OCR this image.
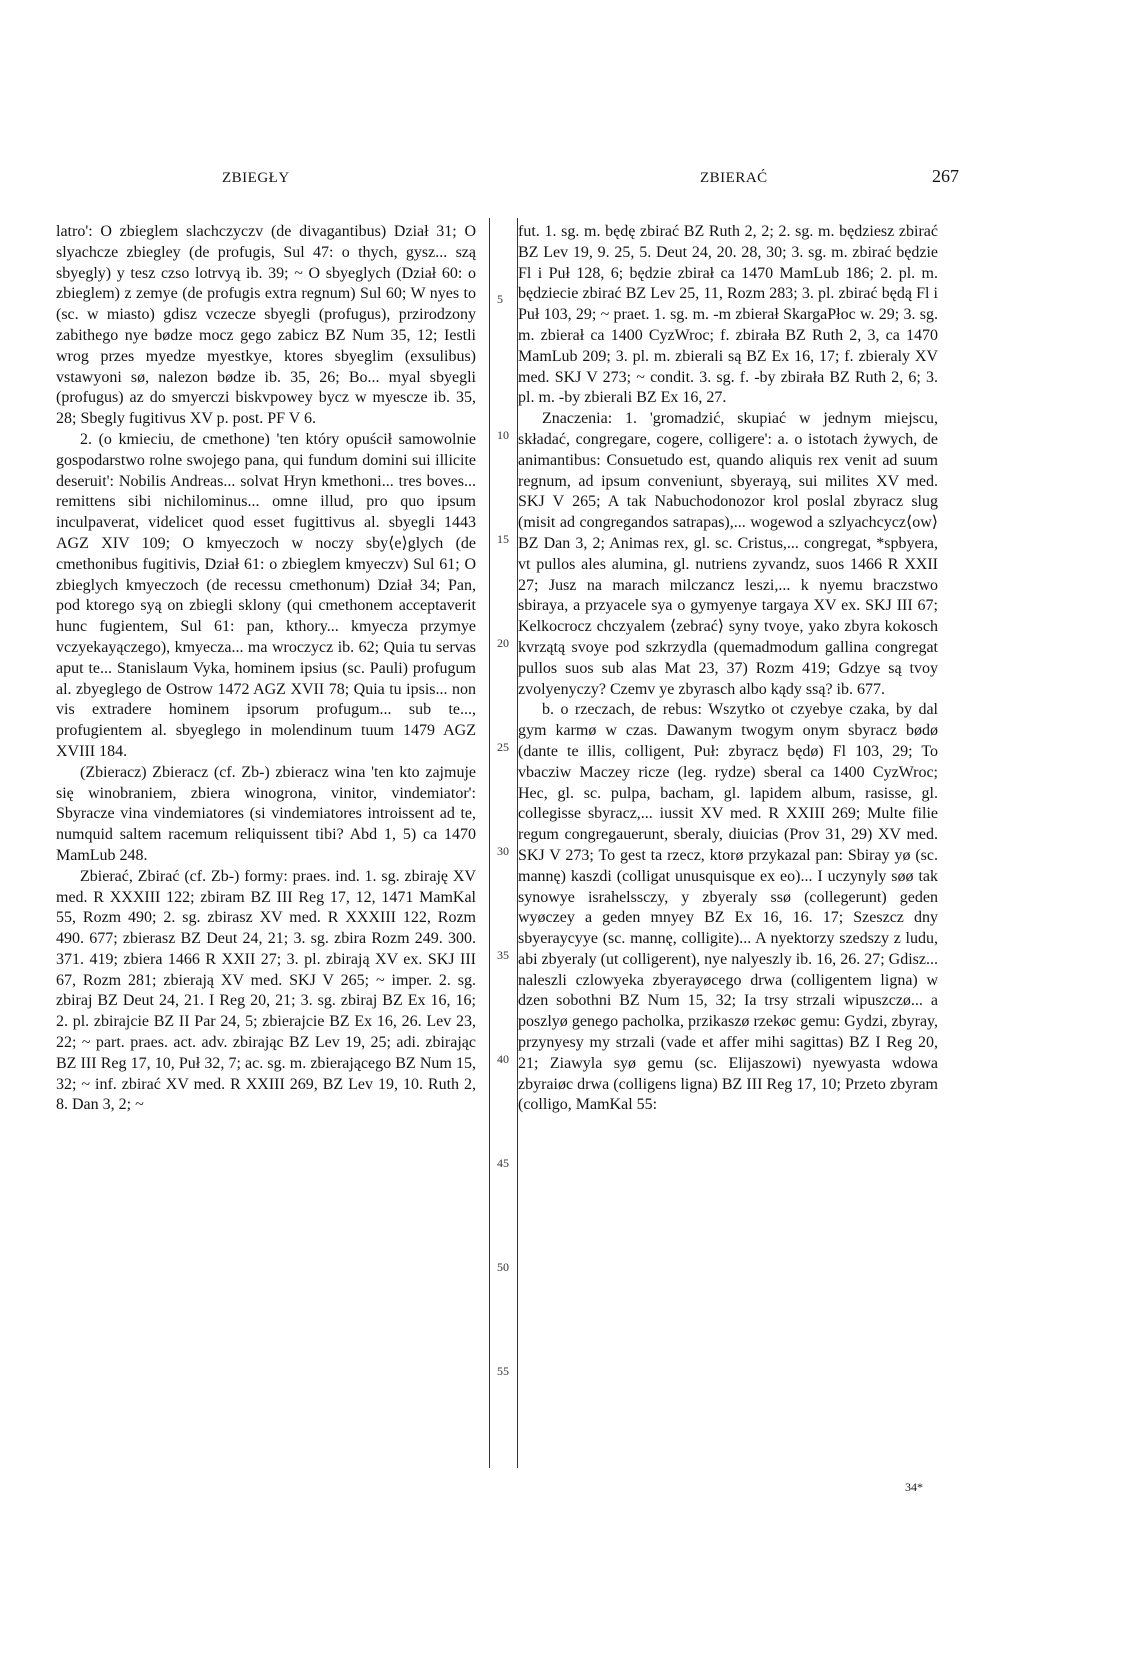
ZBIEGŁY	ZBIERAĆ	267

latro': O zbieglem slachczyczv (de divagantibus) Dział 31; O slyachcze zbiegley (de profugis, Sul 47: o thych, gysz... szą sbyegly) y tesz czso lotrvyą ib. 39; ~ O sbyeglych (Dział 60: o zbieglem) z zemye (de profugis extra regnum) Sul 60; W nyes to (sc. w miasto) gdisz vczecze sbyegli (profugus), przirodzony zabithego nye bødze mocz gego zabicz BZ Num 35, 12; Iestli wrog przes myedze myestkye, ktores sbyeglim (exsulibus) vstawyoni sø, nalezon bødze ib. 35, 26; Bo... myal sbyegli (profugus) az do smyerczi biskvpowey bycz w myescze ib. 35, 28; Sbegly fugitivus XV p. post. PF V 6.

2. (o kmieciu, de cmethone) 'ten który opuścił samowolnie gospodarstwo rolne swojego pana, qui fundum domini sui illicite deseruit': Nobilis Andreas... solvat Hryn kmethoni... tres boves... remittens sibi nichilominus... omne illud, pro quo ipsum inculpaverat, videlicet quod esset fugittivus al. sbyegli 1443 AGZ XIV 109; O kmyeczoch w noczy sby⟨e⟩glych (de cmethonibus fugitivis, Dział 61: o zbieglem kmyeczv) Sul 61; O zbieglych kmyeczoch (de recessu cmethonum) Dział 34; Pan, pod ktorego syą on zbiegli sklony (qui cmethonem acceptaverit hunc fugientem, Sul 61: pan, kthory... kmyecza przymye vczyekayączego), kmyecza... ma wroczycz ib. 62; Quia tu servas aput te... Stanislaum Vyka, hominem ipsius (sc. Pauli) profugum al. zbyeglego de Ostrow 1472 AGZ XVII 78; Quia tu ipsis... non vis extradere hominem ipsorum profugum... sub te..., profugientem al. sbyeglego in molendinum tuum 1479 AGZ XVIII 184.

(Zbieracz) Zbieracz (cf. Zb-) zbieracz wina 'ten kto zajmuje się winobraniem, zbiera winogrona, vinitor, vindemiator': Sbyracze vina vindemiatores (si vindemiatores introissent ad te, numquid saltem racemum reliquissent tibi? Abd 1, 5) ca 1470 MamLub 248.

Zbierać, Zbirać (cf. Zb-) formy: praes. ind. 1. sg. zbiraję XV med. R XXXIII 122; zbiram BZ III Reg 17, 12, 1471 MamKal 55, Rozm 490; 2. sg. zbirasz XV med. R XXXIII 122, Rozm 490. 677; zbierasz BZ Deut 24, 21; 3. sg. zbira Rozm 249. 300. 371. 419; zbiera 1466 R XXII 27; 3. pl. zbirają XV ex. SKJ III 67, Rozm 281; zbierają XV med. SKJ V 265; ~ imper. 2. sg. zbiraj BZ Deut 24, 21. I Reg 20, 21; 3. sg. zbiraj BZ Ex 16, 16; 2. pl. zbirajcie BZ II Par 24, 5; zbierajcie BZ Ex 16, 26. Lev 23, 22; ~ part. praes. act. adv. zbirając BZ Lev 19, 25; adi. zbirając BZ III Reg 17, 10, Puł 32, 7; ac. sg. m. zbierającego BZ Num 15, 32; ~ inf. zbirać XV med. R XXIII 269, BZ Lev 19, 10. Ruth 2, 8. Dan 3, 2; ~

fut. 1. sg. m. będę zbirać BZ Ruth 2, 2; 2. sg. m. będziesz zbirać BZ Lev 19, 9. 25, 5. Deut 24, 20. 28, 30; 3. sg. m. zbirać będzie Fl i Puł 128, 6; będzie zbirał ca 1470 MamLub 186; 2. pl. m. będziecie zbirać BZ Lev 25, 11, Rozm 283; 3. pl. zbirać będą Fl i Puł 103, 29; ~ praet. 1. sg. m. -m zbierał SkargaPłoc w. 29; 3. sg. m. zbierał ca 1400 CyzWroc; f. zbirała BZ Ruth 2, 3, ca 1470 MamLub 209; 3. pl. m. zbierali są BZ Ex 16, 17; f. zbieraly XV med. SKJ V 273; ~ condit. 3. sg. f. -by zbirała BZ Ruth 2, 6; 3. pl. m. -by zbierali BZ Ex 16, 27.

Znaczenia: 1. 'gromadzić, skupiać w jednym miejscu, składać, congregare, cogere, colligere': a. o istotach żywych, de animantibus: Consuetudo est, quando aliquis rex venit ad suum regnum, ad ipsum conveniunt, sbyerayą, sui milites XV med. SKJ V 265; A tak Nabuchodonozor krol poslal zbyracz slug (misit ad congregandos satrapas),... wogewod a szlyachcycz⟨ow⟩ BZ Dan 3, 2; Animas rex, gl. sc. Cristus,... congregat, *spbyera, vt pullos ales alumina, gl. nutriens zyvandz, suos 1466 R XXII 27; Jusz na marach milczancz leszi,... k nyemu braczstwo sbiraya, a przyacele sya o gymyenye targaya XV ex. SKJ III 67; Kelkocrocz chczyalem ⟨zebrać⟩ syny tvoye, yako zbyra kokosch kvrzątą svoye pod szkrzydla (quemadmodum gallina congregat pullos suos sub alas Mat 23, 37) Rozm 419; Gdzye są tvoy zvolyenyczy? Czemv ye zbyrasch albo kądy ssą? ib. 677.

b. o rzeczach, de rebus: Wszytko ot czyebye czaka, by dal gym karmø w czas. Dawanym twogym onym sbyracz bødø (dante te illis, colligent, Puł: zbyracz będø) Fl 103, 29; To vbacziw Maczey ricze (leg. rydze) sberal ca 1400 CyzWroc; Hec, gl. sc. pulpa, bacham, gl. lapidem album, rasisse, gl. collegisse sbyracz,... iussit XV med. R XXIII 269; Multe filie regum congregauerunt, sberaly, diuicias (Prov 31, 29) XV med. SKJ V 273; To gest ta rzecz, ktorø przykazal pan: Sbiray yø (sc. mannę) kaszdi (colligat unusquisque ex eo)... I uczynyly søø tak synowye israhelssczy, y zbyeraly ssø (collegerunt) geden wyøczey a geden mnyey BZ Ex 16, 16. 17; Szeszcz dny sbyeraycyye (sc. mannę, colligite)... A nyektorzy szedszy z ludu, abi zbyeraly (ut colligerent), nye nalyeszly ib. 16, 26. 27; Gdisz... naleszli czlowyeka zbyerayøcego drwa (colligentem ligna) w dzen sobothni BZ Num 15, 32; Ia trsy strzali wipuszczø... a poszlyø genego pacholka, przikaszø rzekøc gemu: Gydzi, zbyray, przynyesy my strzali (vade et affer mihi sagittas) BZ I Reg 20, 21; Ziawyla syø gemu (sc. Elijaszowi) nyewyasta wdowa zbyraiøc drwa (colligens ligna) BZ III Reg 17, 10; Przeto zbyram (colligo, MamKal 55:

5
10
15
20
25
30
35
40
45
50
55
34*
